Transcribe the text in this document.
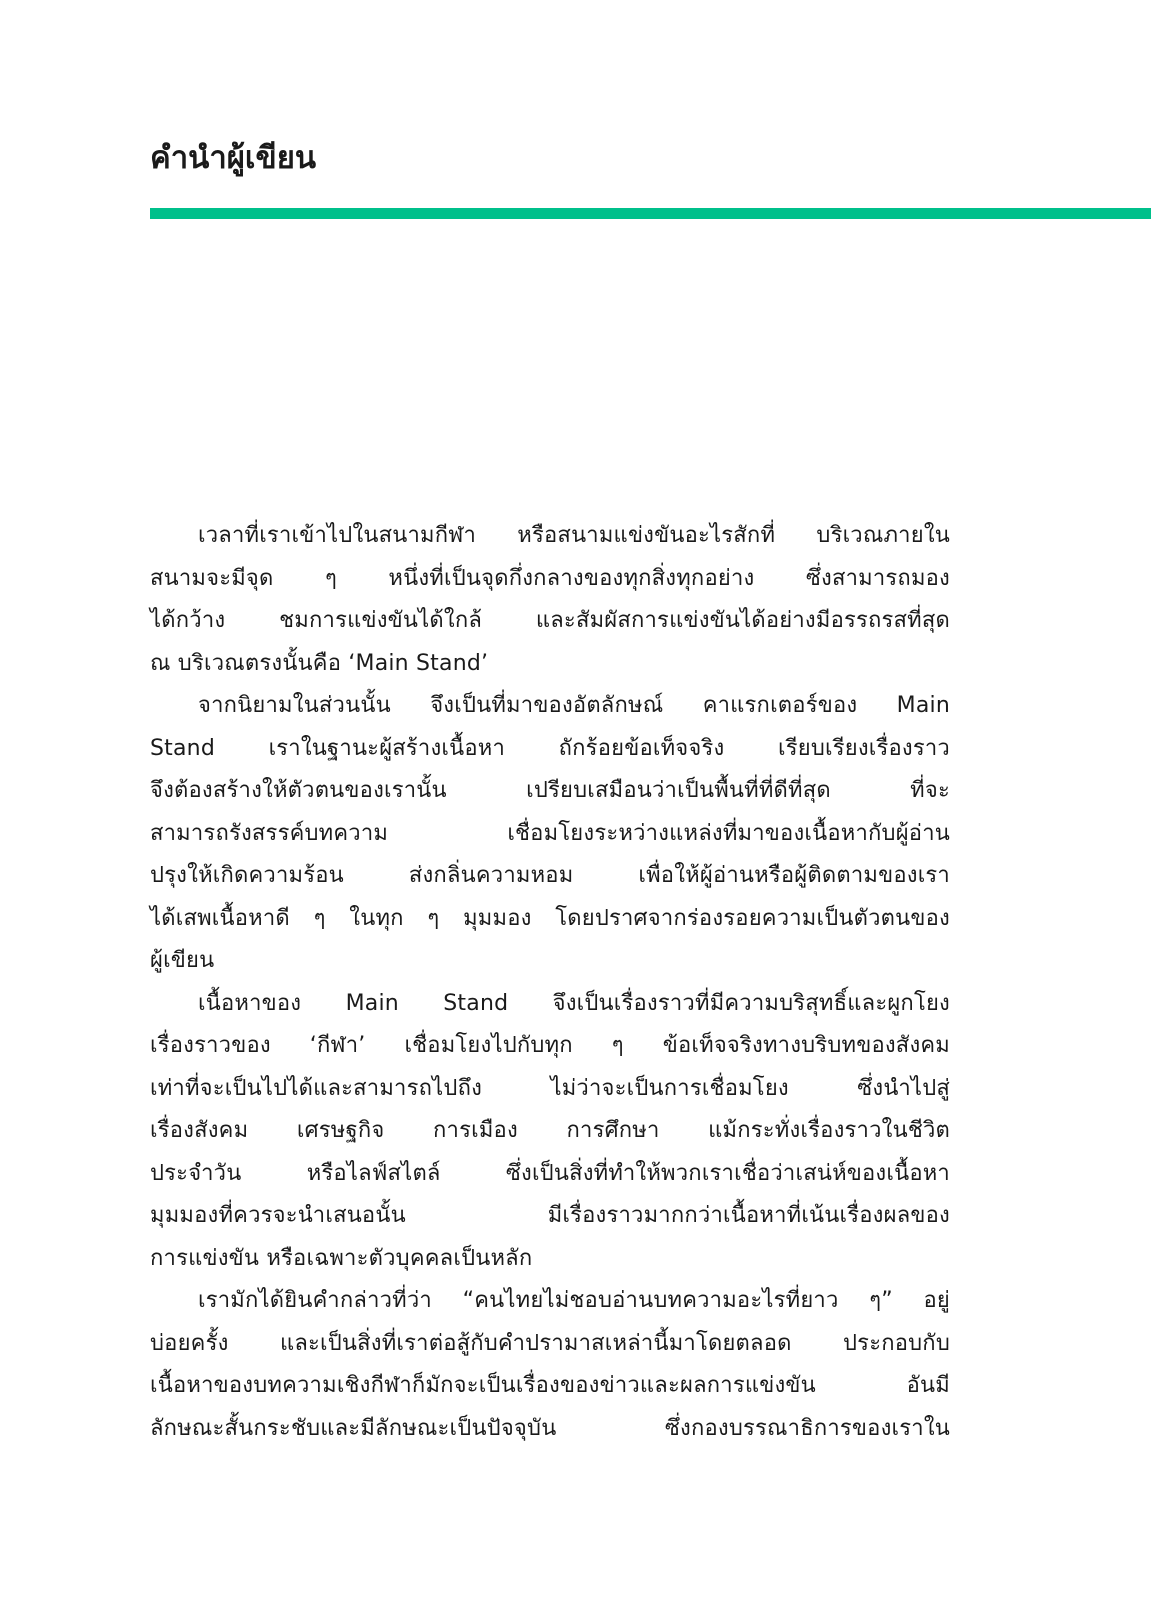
คำนำผู้เขียน
เวลาที่เราเข้าไปในสนามกีฬา หรือสนามแข่งขันอะไรสักที่ บริเวณภายใน
สนามจะมีจุด ๆ หนึ่งที่เป็นจุดกึ่งกลางของทุกสิ่งทุกอย่าง ซึ่งสามารถมอง
ได้กว้าง ชมการแข่งขันได้ใกล้ และสัมผัสการแข่งขันได้อย่างมีอรรถรสที่สุด
ณ บริเวณตรงนั้นคือ ‘Main Stand’
จากนิยามในส่วนนั้น จึงเป็นที่มาของอัตลักษณ์ คาแรกเตอร์ของ Main
Stand เราในฐานะผู้สร้างเนื้อหา ถักร้อยข้อเท็จจริง เรียบเรียงเรื่องราว
จึงต้องสร้างให้ตัวตนของเรานั้น เปรียบเสมือนว่าเป็นพื้นที่ที่ดีที่สุด ที่จะ
สามารถรังสรรค์บทความ เชื่อมโยงระหว่างแหล่งที่มาของเนื้อหากับผู้อ่าน
ปรุงให้เกิดความร้อน ส่งกลิ่นความหอม เพื่อให้ผู้อ่านหรือผู้ติดตามของเรา
ได้เสพเนื้อหาดี ๆ ในทุก ๆ มุมมอง โดยปราศจากร่องรอยความเป็นตัวตนของ
ผู้เขียน
เนื้อหาของ Main Stand จึงเป็นเรื่องราวที่มีความบริสุทธิ์และผูกโยง
เรื่องราวของ ‘กีฬา’ เชื่อมโยงไปกับทุก ๆ ข้อเท็จจริงทางบริบทของสังคม
เท่าที่จะเป็นไปได้และสามารถไปถึง ไม่ว่าจะเป็นการเชื่อมโยง ซึ่งนำไปสู่
เรื่องสังคม เศรษฐกิจ การเมือง การศึกษา แม้กระทั่งเรื่องราวในชีวิต
ประจำวัน หรือไลฟ์สไตล์ ซึ่งเป็นสิ่งที่ทำให้พวกเราเชื่อว่าเสน่ห์ของเนื้อหา
มุมมองที่ควรจะนำเสนอนั้น มีเรื่องราวมากกว่าเนื้อหาที่เน้นเรื่องผลของ
การแข่งขัน หรือเฉพาะตัวบุคคลเป็นหลัก
เรามักได้ยินคำกล่าวที่ว่า “คนไทยไม่ชอบอ่านบทความอะไรที่ยาว ๆ” อยู่
บ่อยครั้ง และเป็นสิ่งที่เราต่อสู้กับคำปรามาสเหล่านี้มาโดยตลอด ประกอบกับ
เนื้อหาของบทความเชิงกีฬาก็มักจะเป็นเรื่องของข่าวและผลการแข่งขัน อันมี
ลักษณะสั้นกระชับและมีลักษณะเป็นปัจจุบัน ซึ่งกองบรรณาธิการของเราใน
